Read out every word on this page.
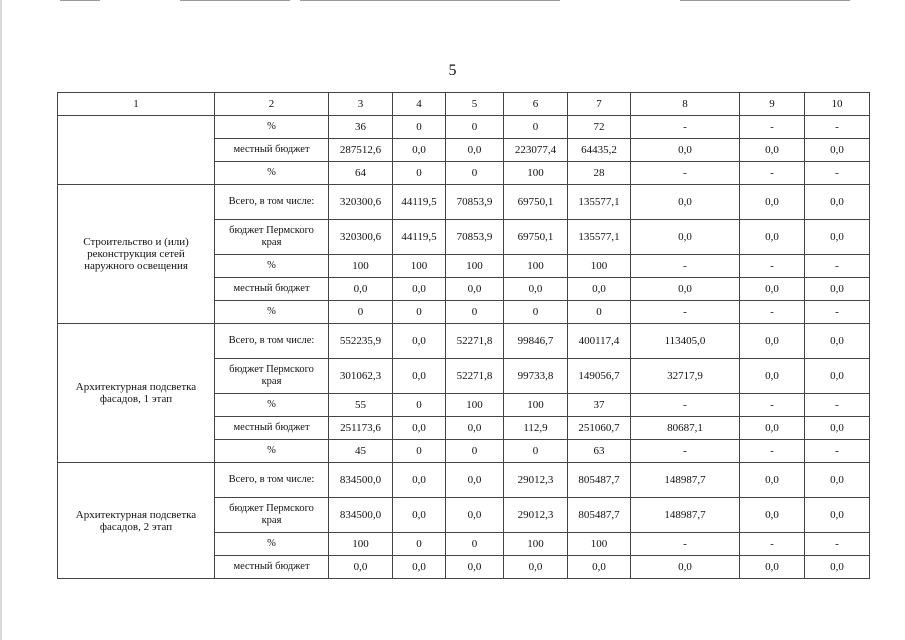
5
1	2	3	4	5	6	7	8	9	10
	%	36	0	0	0	72	-	-	-
	местный бюджет	287512,6	0,0	0,0	223077,4	64435,2	0,0	0,0	0,0
	%	64	0	0	100	28	-	-	-
Строительство и (или) реконструкция сетей наружного освещения	Всего, в том числе:	320300,6	44119,5	70853,9	69750,1	135577,1	0,0	0,0	0,0
	бюджет Пермского края	320300,6	44119,5	70853,9	69750,1	135577,1	0,0	0,0	0,0
	%	100	100	100	100	100	-	-	-
	местный бюджет	0,0	0,0	0,0	0,0	0,0	0,0	0,0	0,0
	%	0	0	0	0	0	-	-	-
Архитектурная подсветка фасадов, 1 этап	Всего, в том числе:	552235,9	0,0	52271,8	99846,7	400117,4	113405,0	0,0	0,0
	бюджет Пермского края	301062,3	0,0	52271,8	99733,8	149056,7	32717,9	0,0	0,0
	%	55	0	100	100	37	-	-	-
	местный бюджет	251173,6	0,0	0,0	112,9	251060,7	80687,1	0,0	0,0
	%	45	0	0	0	63	-	-	-
Архитектурная подсветка фасадов, 2 этап	Всего, в том числе:	834500,0	0,0	0,0	29012,3	805487,7	148987,7	0,0	0,0
	бюджет Пермского края	834500,0	0,0	0,0	29012,3	805487,7	148987,7	0,0	0,0
	%	100	0	0	100	100	-	-	-
	местный бюджет	0,0	0,0	0,0	0,0	0,0	0,0	0,0	0,0
